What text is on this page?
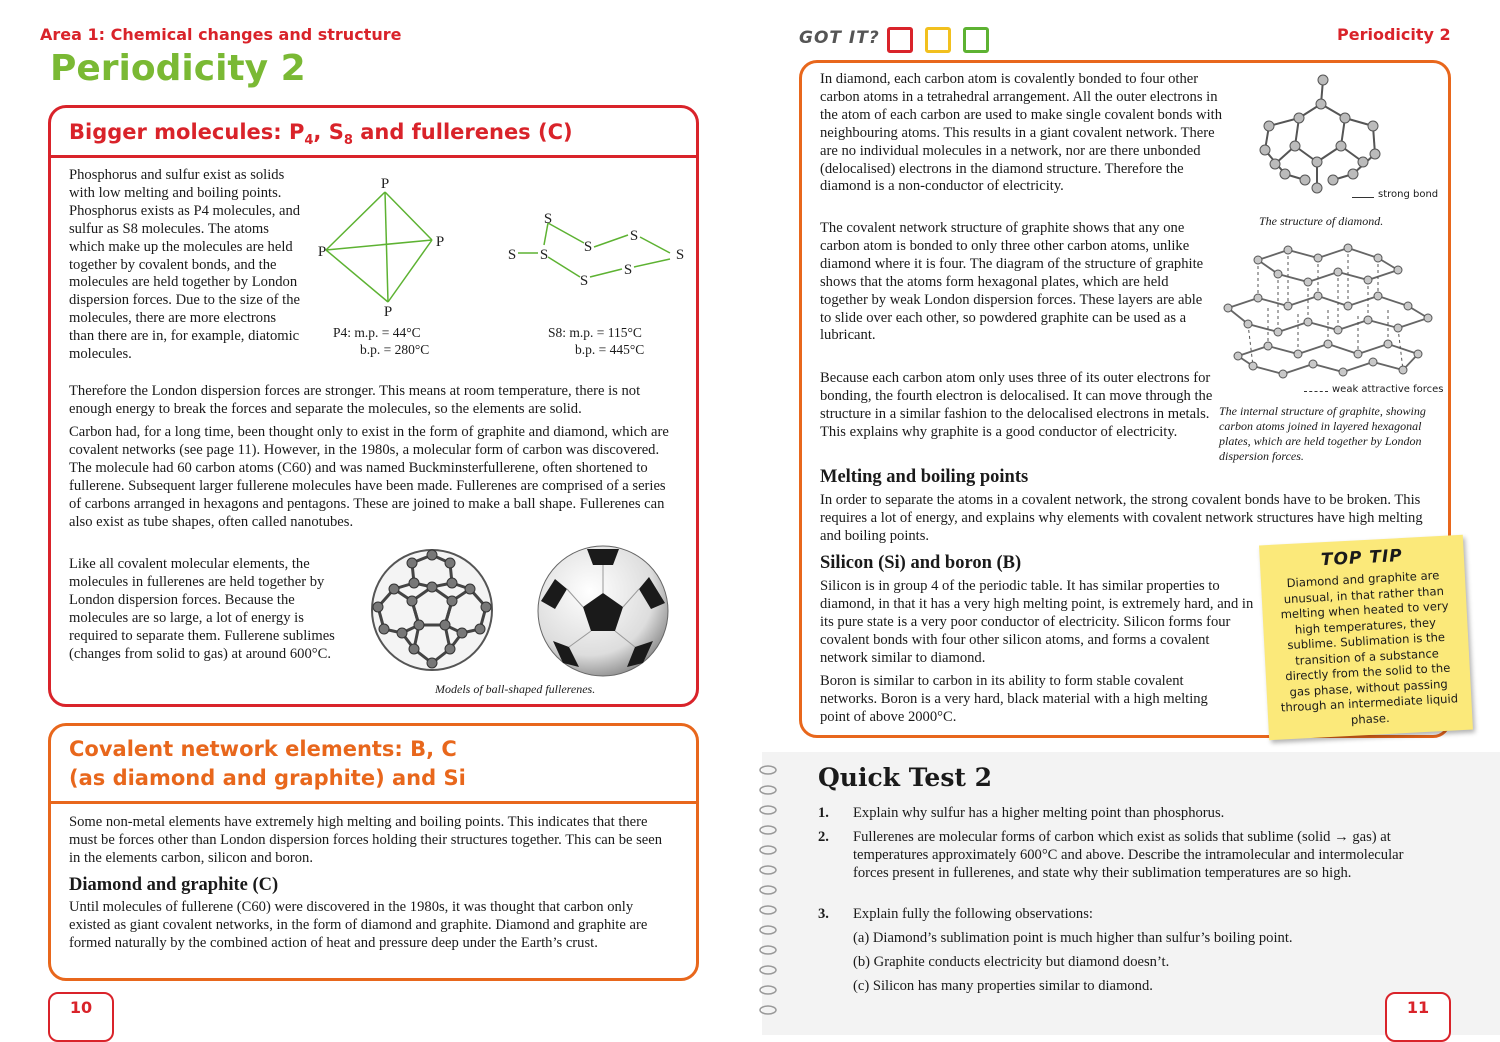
Area 1: Chemical changes and structure
Periodicity 2
Bigger molecules: $P_4$, $S_8$ and fullerenes (C)

Phosphorus and sulfur exist as solids with low melting and boiling points. Phosphorus exists as P4 molecules, and sulfur as S8 molecules. The atoms which make up the molecules are held together by covalent bonds, and the molecules are held together by London dispersion forces. Due to the size of the molecules, there are more electrons than there are in, for example, diatomic molecules.

Therefore the London dispersion forces are stronger. This means at room temperature, there is not enough energy to break the forces and separate the molecules, so the elements are solid.

Carbon had, for a long time, been thought only to exist in the form of graphite and diamond, which are covalent networks (see page 11). However, in the 1980s, a molecular form of carbon was discovered. The molecule had 60 carbon atoms (C60) and was named Buckminsterfullerene, often shortened to fullerene. Subsequent larger fullerene molecules have been made. Fullerenes are comprised of a series of carbons arranged in hexagons and pentagons. These are joined to make a ball shape. Fullerenes can also exist as tube shapes, often called nanotubes.

Like all covalent molecular elements, the molecules in fullerenes are held together by London dispersion forces. Because the molecules are so large, a lot of energy is required to separate them. Fullerene sublimes (changes from solid to gas) at around 600°C.

P
P
P
P
P4: m.p. = 44°C
b.p. = 280°C
S
S S S
S
S
S
S
S8: m.p. = 115°C
b.p. = 445°C
Models of ball-shaped fullerenes.
Covalent network elements: B, C
(as diamond and graphite) and Si

Some non-metal elements have extremely high melting and boiling points. This indicates that there must be forces other than London dispersion forces holding their structures together. This can be seen in the elements carbon, silicon and boron.

Diamond and graphite (C)

Until molecules of fullerene (C60) were discovered in the 1980s, it was thought that carbon only existed as giant covalent networks, in the form of diamond and graphite. Diamond and graphite are formed naturally by the combined action of heat and pressure deep under the Earth’s crust.

10
GOT IT?	Periodicity 2

In diamond, each carbon atom is covalently bonded to four other carbon atoms in a tetrahedral arrangement. All the outer electrons in the atom of each carbon are used to make single covalent bonds with neighbouring atoms. This results in a giant covalent network. There are no individual molecules in a network, nor are there unbonded (delocalised) electrons in the diamond structure. Therefore the diamond is a non-conductor of electricity.

The covalent network structure of graphite shows that any one carbon atom is bonded to only three other carbon atoms, unlike diamond where it is four. The diagram of the structure of graphite shows that the atoms form hexagonal plates, which are held together by weak London dispersion forces. These layers are able to slide over each other, so powdered graphite can be used as a lubricant.

Because each carbon atom only uses three of its outer electrons for bonding, the fourth electron is delocalised. It can move through the structure in a similar fashion to the delocalised electrons in metals. This explains why graphite is a good conductor of electricity.

strong bond
The structure of diamond.
weak attractive forces
The internal structure of graphite, showing carbon atoms joined in layered hexagonal plates, which are held together by London dispersion forces.
Melting and boiling points

In order to separate the atoms in a covalent network, the strong covalent bonds have to be broken. This requires a lot of energy, and explains why elements with covalent network structures have high melting and boiling points.

Silicon (Si) and boron (B)

Silicon is in group 4 of the periodic table. It has similar properties to diamond, in that it has a very high melting point, is extremely hard, and in its pure state is a very poor conductor of electricity. Silicon forms four covalent bonds with four other silicon atoms, and forms a covalent network similar to diamond.

Boron is similar to carbon in its ability to form stable covalent networks. Boron is a very hard, black material with a high melting point of above 2000°C.

TOP TIP
Diamond and graphite are unusual, in that rather than melting when heated to very high temperatures, they sublime. Sublimation is the transition of a substance directly from the solid to the gas phase, without passing through an intermediate liquid phase.
Quick Test 2
1. Explain why sulfur has a higher melting point than phosphorus.
2. Fullerenes are molecular forms of carbon which exist as solids that sublime (solid → gas) at temperatures approximately 600°C and above. Describe the intramolecular and intermolecular forces present in fullerenes, and state why their sublimation temperatures are so high.
3. Explain fully the following observations:
(a) Diamond’s sublimation point is much higher than sulfur’s boiling point.
(b) Graphite conducts electricity but diamond doesn’t.
(c) Silicon has many properties similar to diamond.
11
